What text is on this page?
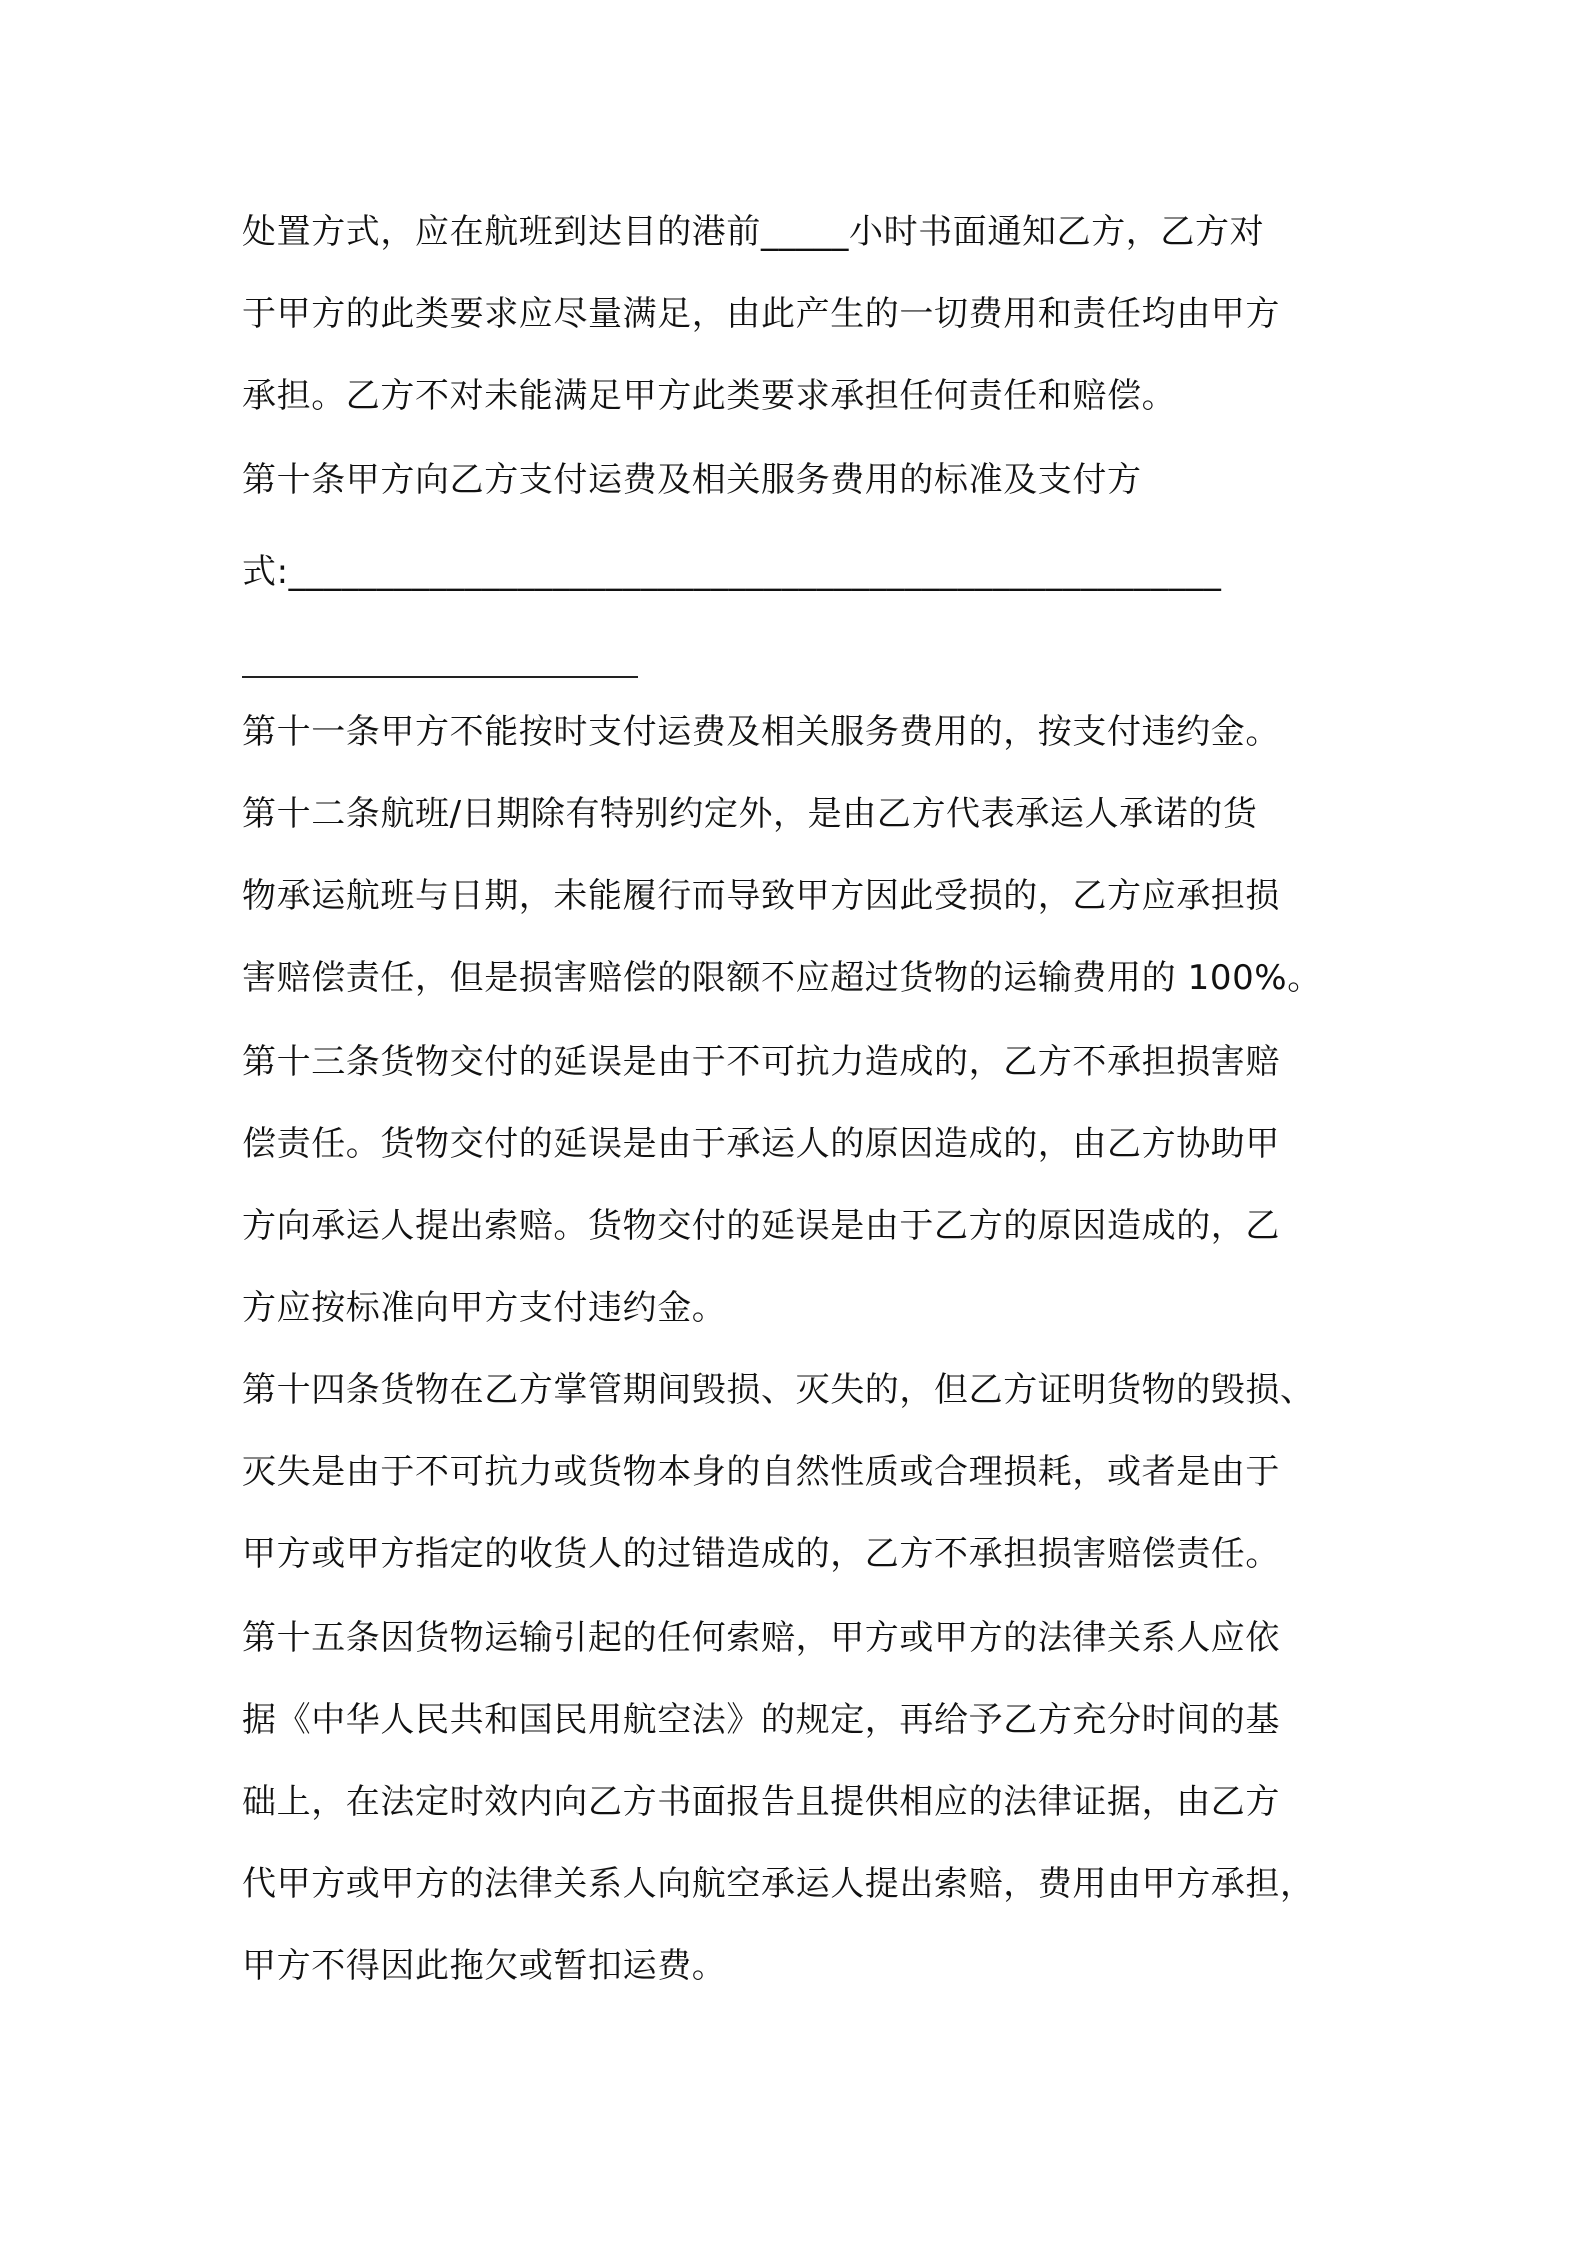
处置方式，应在航班到达目的港前_____小时书面通知乙方，乙方对

于甲方的此类要求应尽量满足，由此产生的一切费用和责任均由甲方

承担。乙方不对未能满足甲方此类要求承担任何责任和赔偿。

第十条甲方向乙方支付运费及相关服务费用的标准及支付方

式:_____________________________________________________

第十一条甲方不能按时支付运费及相关服务费用的，按支付违约金。

第十二条航班/日期除有特别约定外，是由乙方代表承运人承诺的货

物承运航班与日期，未能履行而导致甲方因此受损的，乙方应承担损

害赔偿责任，但是损害赔偿的限额不应超过货物的运输费用的 100%。

第十三条货物交付的延误是由于不可抗力造成的，乙方不承担损害赔

偿责任。货物交付的延误是由于承运人的原因造成的，由乙方协助甲

方向承运人提出索赔。货物交付的延误是由于乙方的原因造成的，乙

方应按标准向甲方支付违约金。

第十四条货物在乙方掌管期间毁损、灭失的，但乙方证明货物的毁损、

灭失是由于不可抗力或货物本身的自然性质或合理损耗，或者是由于

甲方或甲方指定的收货人的过错造成的，乙方不承担损害赔偿责任。

第十五条因货物运输引起的任何索赔，甲方或甲方的法律关系人应依

据《中华人民共和国民用航空法》的规定，再给予乙方充分时间的基

础上，在法定时效内向乙方书面报告且提供相应的法律证据，由乙方

代甲方或甲方的法律关系人向航空承运人提出索赔，费用由甲方承担，

甲方不得因此拖欠或暂扣运费。
